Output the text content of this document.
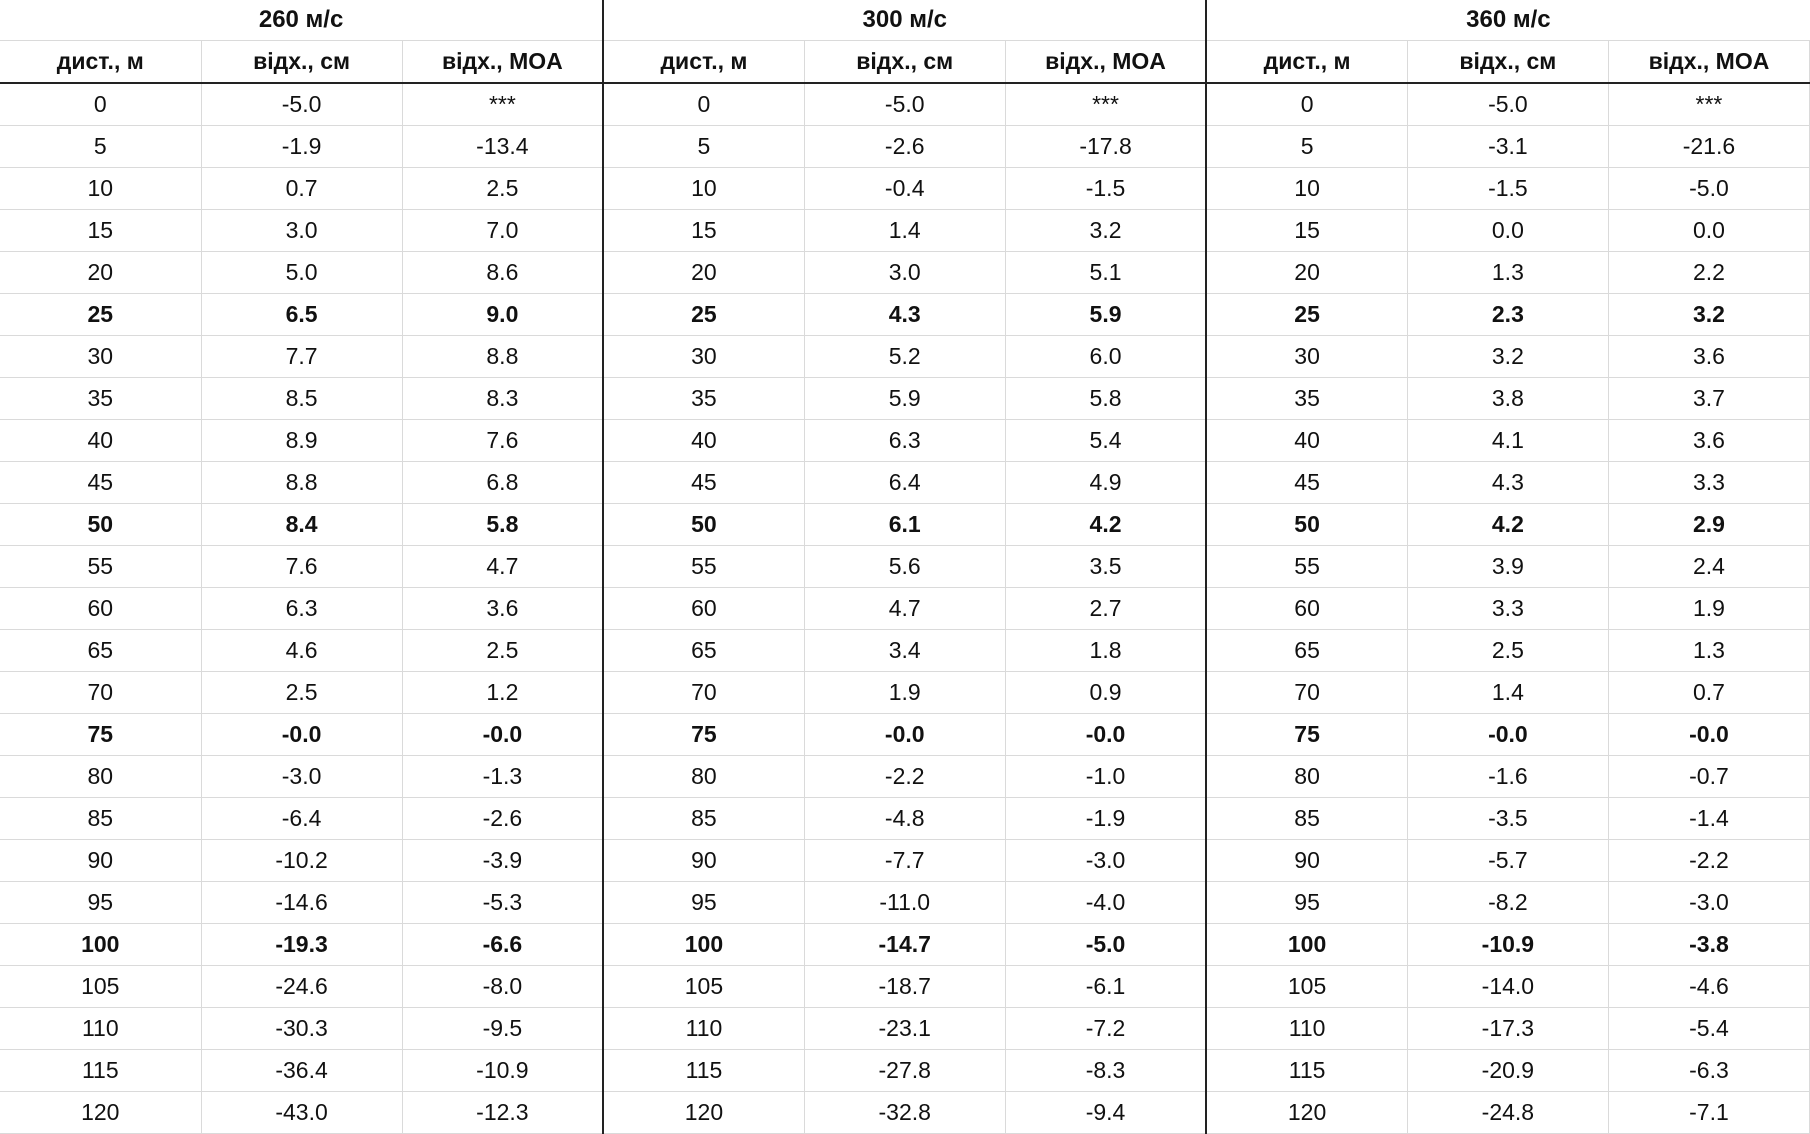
260 м/с			300 м/с			360 м/с		
дист., м	відх., см	відх., MOA	дист., м	відх., см	відх., MOA	дист., м	відх., см	відх., MOA
0	-5.0	***	0	-5.0	***	0	-5.0	***
5	-1.9	-13.4	5	-2.6	-17.8	5	-3.1	-21.6
10	0.7	2.5	10	-0.4	-1.5	10	-1.5	-5.0
15	3.0	7.0	15	1.4	3.2	15	0.0	0.0
20	5.0	8.6	20	3.0	5.1	20	1.3	2.2
25	6.5	9.0	25	4.3	5.9	25	2.3	3.2
30	7.7	8.8	30	5.2	6.0	30	3.2	3.6
35	8.5	8.3	35	5.9	5.8	35	3.8	3.7
40	8.9	7.6	40	6.3	5.4	40	4.1	3.6
45	8.8	6.8	45	6.4	4.9	45	4.3	3.3
50	8.4	5.8	50	6.1	4.2	50	4.2	2.9
55	7.6	4.7	55	5.6	3.5	55	3.9	2.4
60	6.3	3.6	60	4.7	2.7	60	3.3	1.9
65	4.6	2.5	65	3.4	1.8	65	2.5	1.3
70	2.5	1.2	70	1.9	0.9	70	1.4	0.7
75	-0.0	-0.0	75	-0.0	-0.0	75	-0.0	-0.0
80	-3.0	-1.3	80	-2.2	-1.0	80	-1.6	-0.7
85	-6.4	-2.6	85	-4.8	-1.9	85	-3.5	-1.4
90	-10.2	-3.9	90	-7.7	-3.0	90	-5.7	-2.2
95	-14.6	-5.3	95	-11.0	-4.0	95	-8.2	-3.0
100	-19.3	-6.6	100	-14.7	-5.0	100	-10.9	-3.8
105	-24.6	-8.0	105	-18.7	-6.1	105	-14.0	-4.6
110	-30.3	-9.5	110	-23.1	-7.2	110	-17.3	-5.4
115	-36.4	-10.9	115	-27.8	-8.3	115	-20.9	-6.3
120	-43.0	-12.3	120	-32.8	-9.4	120	-24.8	-7.1
